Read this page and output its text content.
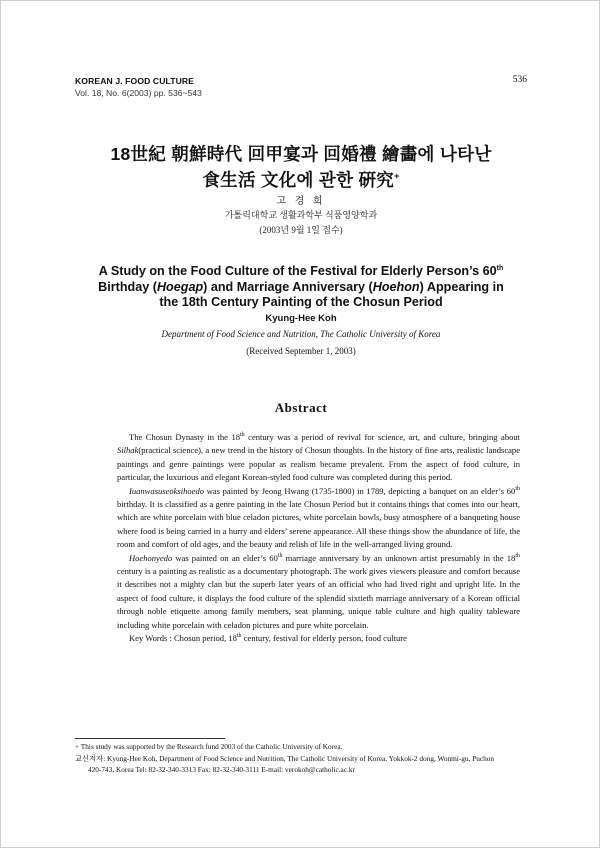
KOREAN J. FOOD CULTURE
Vol. 18, No. 6(2003) pp. 536~543
536
18世紀 朝鮮時代 回甲宴과 回婚禮 繪畵에 나타난
食生活 文化에 관한 硏究+
고 경 희
가톨릭대학교 생활과학부 식품영양학과
(2003년 9월 1일 접수)
A Study on the Food Culture of the Festival for Elderly Person’s 60th
Birthday (Hoegap) and Marriage Anniversary (Hoehon) Appearing in
the 18th Century Painting of the Chosun Period
Kyung-Hee Koh
Department of Food Science and Nutrition, The Catholic University of Korea
(Received September 1, 2003)
Abstract

The Chosun Dynasty in the 18th century was a period of revival for science, art, and culture, bringing about Silhak(practical science), a new trend in the history of Chosun thoughts. In the history of fine arts, realistic landscape paintings and genre paintings were popular as realism became prevalent. From the aspect of food culture, in particular, the luxurious and elegant Korean-styled food culture was completed during this period.

Iuanwasuseoksihoedo was painted by Jeong Hwang (1735-1800) in 1789, depicting a banquet on an elder’s 60th birthday. It is classified as a genre painting in the late Chosun Period but it contains things that comes into our heart, which are white porcelain with blue celadon pictures, white porcelain bowls, busy atmosphere of a banqueting house where food is being carried in a hurry and elders’ serene appearance. All these things show the abundance of life, the room and comfort of old ages, and the beauty and relish of life in the well-arranged living ground.

Hoehonyedo was painted on an elder’s 60th marriage anniversary by an unknown artist presumably in the 18th century is a painting as realistic as a documentary photograph. The work gives viewers pleasure and comfort because it describes not a mighty clan but the superb later years of an official who had lived right and upright life. In the aspect of food culture, it displays the food culture of the splendid sixtieth marriage anniversary of a Korean official through noble etiquette among family members, seat planning, unique table culture and high quality tableware including white porcelain with celadon pictures and pure white porcelain.

Key Words : Chosun period, 18th century, festival for elderly person, food culture

+ This study was supported by the Research fund 2003 of the Catholic University of Korea.
교신저자: Kyung-Hee Koh, Department of Food Science and Nutrition, The Catholic University of Korea. Yokkok-2 dong, Wonmi-gu, Puchon
420-743, Korea Tel: 82-32-340-3313 Fax: 82-32-340-3111 E-mail: verokoh@catholic.ac.kr
